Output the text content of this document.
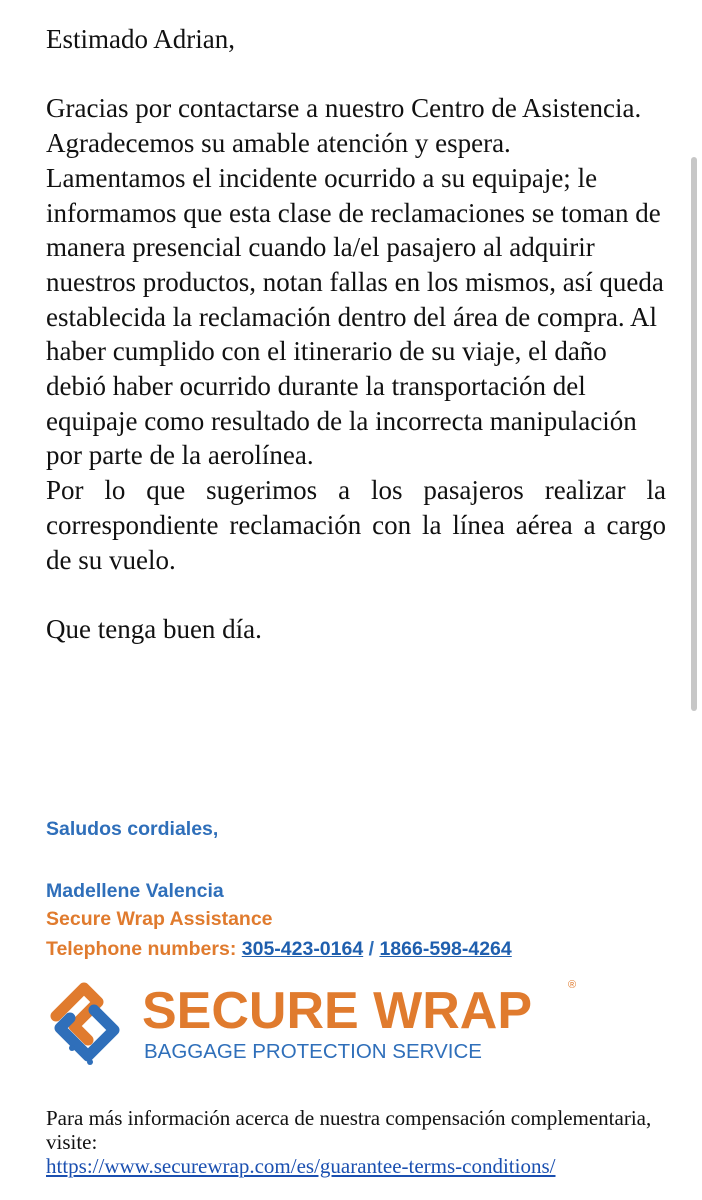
Estimado Adrian,

Gracias por contactarse a nuestro Centro de Asistencia. Agradecemos su amable atención y espera.

Lamentamos el incidente ocurrido a su equipaje; le informamos que esta clase de reclamaciones se toman de manera presencial cuando la/el pasajero al adquirir nuestros productos, notan fallas en los mismos, así queda establecida la reclamación dentro del área de compra. Al haber cumplido con el itinerario de su viaje, el daño debió haber ocurrido durante la transportación del equipaje como resultado de la incorrecta manipulación por parte de la aerolínea.

Por lo que sugerimos a los pasajeros realizar la correspondiente reclamación con la línea aérea a cargo de su vuelo.

Que tenga buen día.

Saludos cordiales,
Madellene Valencia
Secure Wrap Assistance
Telephone numbers: 305-423-0164 / 1866-598-4264
SECURE WRAP	®
BAGGAGE PROTECTION SERVICE
Para más información acerca de nuestra compensación complementaria, visite:
https://www.securewrap.com/es/guarantee-terms-conditions/
